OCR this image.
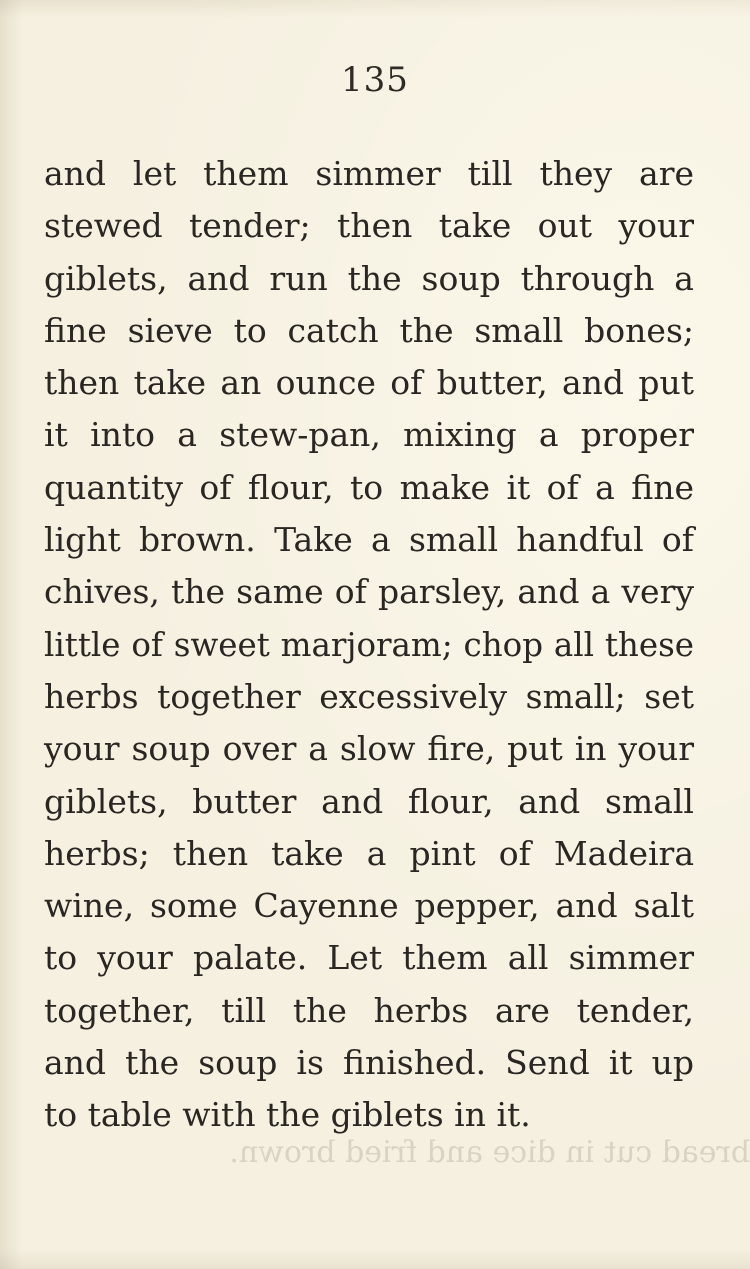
135
and let them simmer till they are
stewed tender; then take out your
giblets, and run the soup through a
fine sieve to catch the small bones;
then take an ounce of butter, and put
it into a stew-pan, mixing a proper
quantity of flour, to make it of a fine
light brown. Take a small handful of
chives, the same of parsley, and a very
little of sweet marjoram; chop all these
herbs together excessively small; set
your soup over a slow fire, put in your
giblets, butter and flour, and small
herbs; then take a pint of Madeira
wine, some Cayenne pepper, and salt
to your palate. Let them all simmer
together, till the herbs are tender,
and the soup is finished. Send it up
to table with the giblets in it.
bread cut in dice and fried brown.
